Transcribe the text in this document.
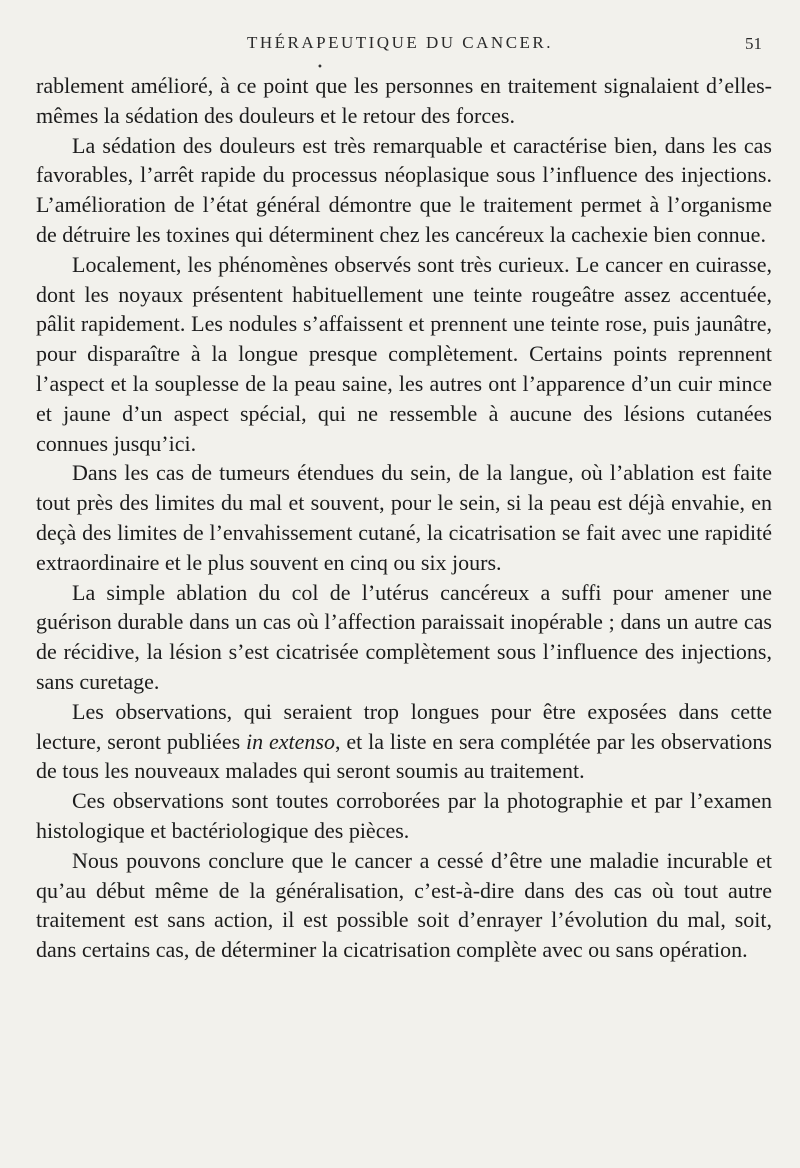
THÉRAPEUTIQUE DU CANCER.	51
•

rablement amélioré, à ce point que les personnes en traitement signalaient d’elles-mêmes la sédation des douleurs et le retour des forces.

La sédation des douleurs est très remarquable et caractérise bien, dans les cas favorables, l’arrêt rapide du processus néoplasique sous l’influence des injections. L’amélioration de l’état général démontre que le traitement permet à l’organisme de détruire les toxines qui déterminent chez les cancéreux la cachexie bien connue.

Localement, les phénomènes observés sont très curieux. Le cancer en cuirasse, dont les noyaux présentent habituellement une teinte rougeâtre assez accentuée, pâlit rapidement. Les nodules s’affaissent et prennent une teinte rose, puis jaunâtre, pour disparaître à la longue presque complètement. Certains points reprennent l’aspect et la souplesse de la peau saine, les autres ont l’apparence d’un cuir mince et jaune d’un aspect spécial, qui ne ressemble à aucune des lésions cutanées connues jusqu’ici.

Dans les cas de tumeurs étendues du sein, de la langue, où l’ablation est faite tout près des limites du mal et souvent, pour le sein, si la peau est déjà envahie, en deçà des limites de l’envahissement cutané, la cicatrisation se fait avec une rapidité extraordinaire et le plus souvent en cinq ou six jours.

La simple ablation du col de l’utérus cancéreux a suffi pour amener une guérison durable dans un cas où l’affection paraissait inopérable ; dans un autre cas de récidive, la lésion s’est cicatrisée complètement sous l’influence des injections, sans curetage.

Les observations, qui seraient trop longues pour être exposées dans cette lecture, seront publiées in extenso, et la liste en sera complétée par les observations de tous les nouveaux malades qui seront soumis au traitement.

Ces observations sont toutes corroborées par la photographie et par l’examen histologique et bactériologique des pièces.

Nous pouvons conclure que le cancer a cessé d’être une maladie incurable et qu’au début même de la généralisation, c’est-à-dire dans des cas où tout autre traitement est sans action, il est possible soit d’enrayer l’évolution du mal, soit, dans certains cas, de déterminer la cicatrisation complète avec ou sans opération.
